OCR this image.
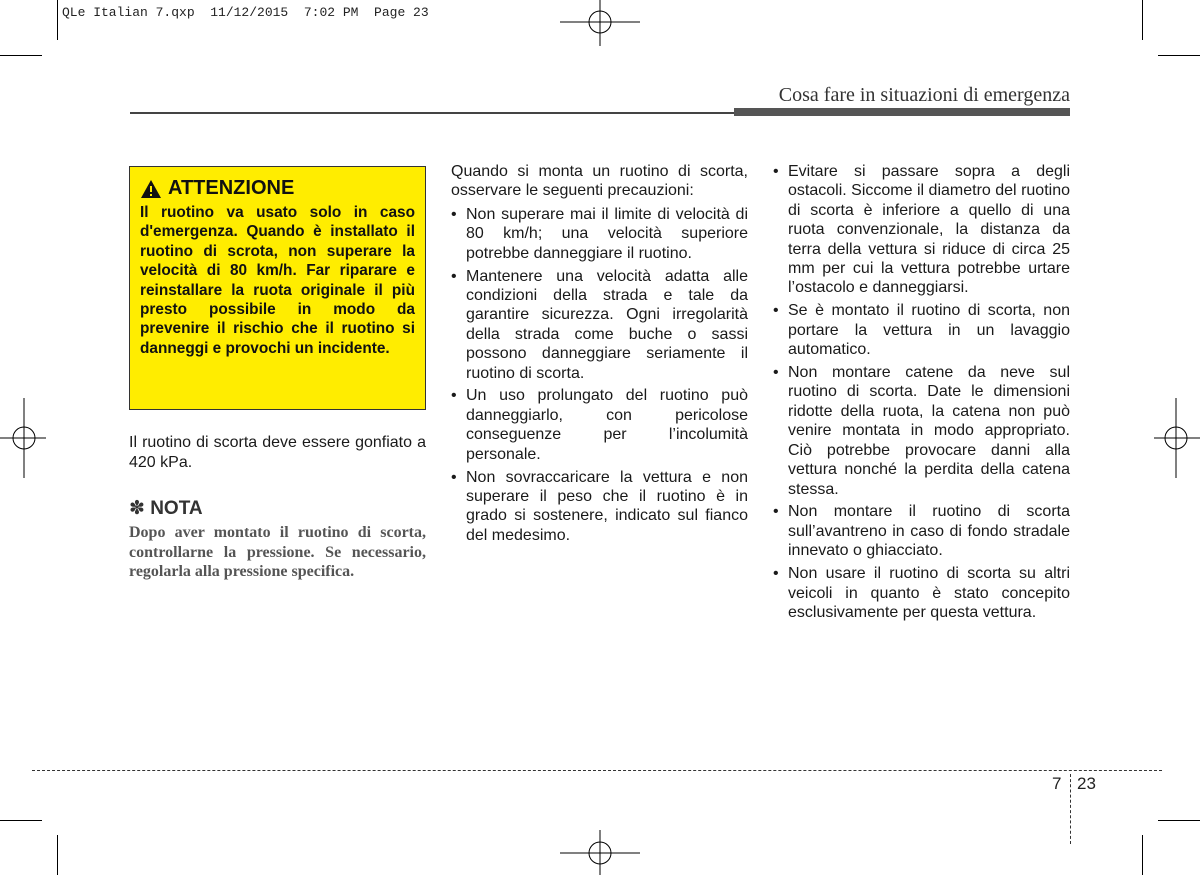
QLe Italian 7.qxp  11/12/2015  7:02 PM  Page 23
Cosa fare in situazioni di emergenza
ATTENZIONE
Il ruotino va usato solo in caso d'emergenza. Quando è installato il ruotino di scrota, non superare la velocità di 80 km/h. Far riparare e reinstallare la ruota originale il più presto possibile in modo da prevenire il rischio che il ruotino si danneggi e provochi un incidente.
Il ruotino di scorta deve essere gonfiato a 420 kPa.
✽ NOTA
Dopo aver montato il ruotino di scorta, controllarne la pressione. Se necessario, regolarla alla pressione specifica.

Quando si monta un ruotino di scorta, osservare le seguenti precauzioni:

• Non superare mai il limite di velocità di 80 km/h; una velocità superiore potrebbe danneggiare il ruotino.
• Mantenere una velocità adatta alle condizioni della strada e tale da garantire sicurezza. Ogni irregolarità della strada come buche o sassi possono danneggiare seriamente il ruotino di scorta.
• Un uso prolungato del ruotino può danneggiarlo, con pericolose conseguenze per l’incolumità personale.
• Non sovraccaricare la vettura e non superare il peso che il ruotino è in grado si sostenere, indicato sul fianco del medesimo.
• Evitare si passare sopra a degli ostacoli. Siccome il diametro del ruotino di scorta è inferiore a quello di una ruota convenzionale, la distanza da terra della vettura si riduce di circa 25 mm per cui la vettura potrebbe urtare l’ostacolo e danneggiarsi.
• Se è montato il ruotino di scorta, non portare la vettura in un lavaggio automatico.
• Non montare catene da neve sul ruotino di scorta. Date le dimensioni ridotte della ruota, la catena non può venire montata in modo appropriato. Ciò potrebbe provocare danni alla vettura nonché la perdita della catena stessa.
• Non montare il ruotino di scorta sull’avantreno in caso di fondo stradale innevato o ghiacciato.
• Non usare il ruotino di scorta su altri veicoli in quanto è stato concepito esclusivamente per questa vettura.
7 23
